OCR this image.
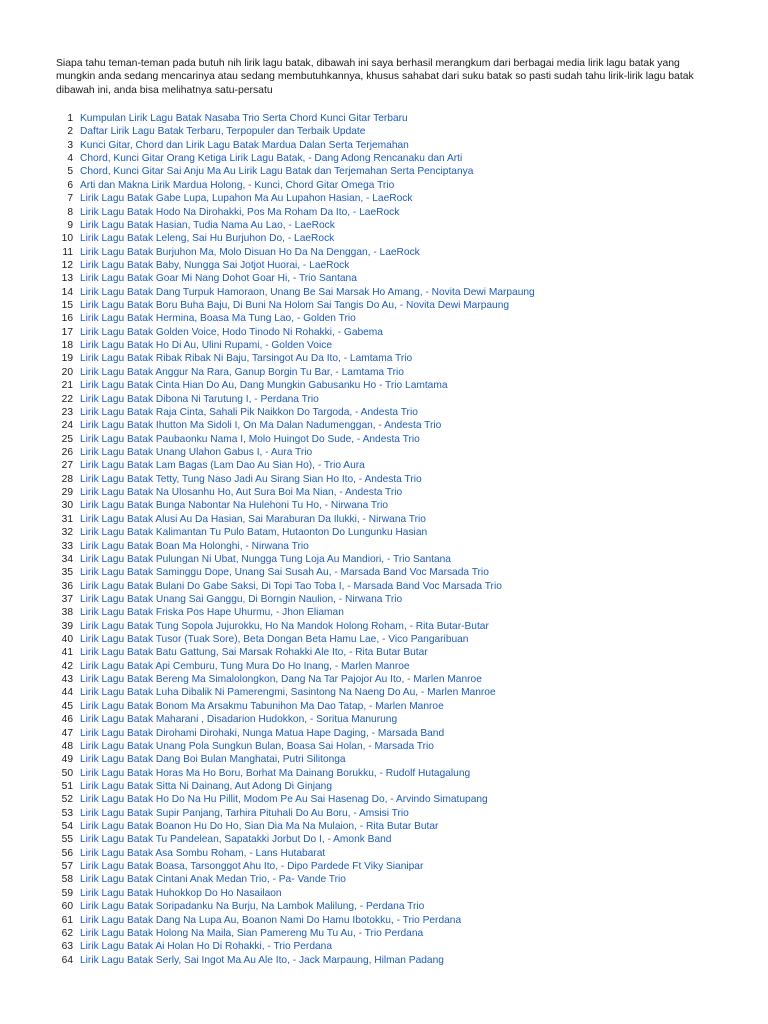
Siapa tahu teman-teman pada butuh nih lirik lagu batak, dibawah ini saya berhasil merangkum dari berbagai media lirik lagu batak yang mungkin anda sedang mencarinya atau sedang membutuhkannya, khusus sahabat dari suku batak so pasti sudah tahu lirik-lirik lagu batak dibawah ini, anda bisa melihatnya satu-persatu

1 Kumpulan Lirik Lagu Batak Nasaba Trio Serta Chord Kunci Gitar Terbaru
2 Daftar Lirik Lagu Batak Terbaru, Terpopuler dan Terbaik Update
3 Kunci Gitar, Chord dan Lirik Lagu Batak Mardua Dalan Serta Terjemahan
4 Chord, Kunci Gitar Orang Ketiga Lirik Lagu Batak, - Dang Adong Rencanaku dan Arti
5 Chord, Kunci Gitar Sai Anju Ma Au Lirik Lagu Batak dan Terjemahan Serta Penciptanya
6 Arti dan Makna Lirik Mardua Holong, - Kunci, Chord Gitar Omega Trio
7 Lirik Lagu Batak Gabe Lupa, Lupahon Ma Au Lupahon Hasian, - LaeRock
8 Lirik Lagu Batak Hodo Na Dirohakki, Pos Ma Roham Da Ito, - LaeRock
9 Lirik Lagu Batak Hasian, Tudia Nama Au Lao, - LaeRock
10 Lirik Lagu Batak Leleng, Sai Hu Burjuhon Do, - LaeRock
11 Lirik Lagu Batak Burjuhon Ma, Molo Disuan Ho Da Na Denggan, - LaeRock
12 Lirik Lagu Batak Baby, Nungga Sai Jotjot Huorai, - LaeRock
13 Lirik Lagu Batak Goar Mi Nang Dohot Goar Hi, - Trio Santana
14 Lirik Lagu Batak Dang Turpuk Hamoraon, Unang Be Sai Marsak Ho Amang, - Novita Dewi Marpaung
15 Lirik Lagu Batak Boru Buha Baju, Di Buni Na Holom Sai Tangis Do Au, - Novita Dewi Marpaung
16 Lirik Lagu Batak Hermina, Boasa Ma Tung Lao, - Golden Trio
17 Lirik Lagu Batak Golden Voice, Hodo Tinodo Ni Rohakki, - Gabema
18 Lirik Lagu Batak Ho Di Au, Ulini Rupami, - Golden Voice
19 Lirik Lagu Batak Ribak Ribak Ni Baju, Tarsingot Au Da Ito, - Lamtama Trio
20 Lirik Lagu Batak Anggur Na Rara, Ganup Borgin Tu Bar, - Lamtama Trio
21 Lirik Lagu Batak Cinta Hian Do Au, Dang Mungkin Gabusanku Ho - Trio Lamtama
22 Lirik Lagu Batak Dibona Ni Tarutung I, - Perdana Trio
23 Lirik Lagu Batak Raja Cinta, Sahali Pik Naikkon Do Targoda, - Andesta Trio
24 Lirik Lagu Batak Ihutton Ma Sidoli I, On Ma Dalan Nadumenggan, - Andesta Trio
25 Lirik Lagu Batak Paubaonku Nama I, Molo Huingot Do Sude, - Andesta Trio
26 Lirik Lagu Batak Unang Ulahon Gabus I, - Aura Trio
27 Lirik Lagu Batak Lam Bagas (Lam Dao Au Sian Ho), - Trio Aura
28 Lirik Lagu Batak Tetty, Tung Naso Jadi Au Sirang Sian Ho Ito, - Andesta Trio
29 Lirik Lagu Batak Na Ulosanhu Ho, Aut Sura Boi Ma Nian, - Andesta Trio
30 Lirik Lagu Batak Bunga Nabontar Na Hulehoni Tu Ho, - Nirwana Trio
31 Lirik Lagu Batak Alusi Au Da Hasian, Sai Maraburan Da Ilukki, - Nirwana Trio
32 Lirik Lagu Batak Kalimantan Tu Pulo Batam, Hutaonton Do Lungunku Hasian
33 Lirik Lagu Batak Boan Ma Holonghi, - Nirwana Trio
34 Lirik Lagu Batak Pulungan Ni Ubat, Nungga Tung Loja Au Mandiori, - Trio Santana
35 Lirik Lagu Batak Saminggu Dope, Unang Sai Susah Au, - Marsada Band Voc Marsada Trio
36 Lirik Lagu Batak Bulani Do Gabe Saksi, Di Topi Tao Toba I, - Marsada Band Voc Marsada Trio
37 Lirik Lagu Batak Unang Sai Ganggu, Di Borngin Naulion, - Nirwana Trio
38 Lirik Lagu Batak Friska Pos Hape Uhurmu, - Jhon Eliaman
39 Lirik Lagu Batak Tung Sopola Jujurokku, Ho Na Mandok Holong Roham, - Rita Butar-Butar
40 Lirik Lagu Batak Tusor (Tuak Sore), Beta Dongan Beta Hamu Lae, - Vico Pangaribuan
41 Lirik Lagu Batak Batu Gattung, Sai Marsak Rohakki Ale Ito, - Rita Butar Butar
42 Lirik Lagu Batak Api Cemburu, Tung Mura Do Ho Inang, - Marlen Manroe
43 Lirik Lagu Batak Bereng Ma Simalolongkon, Dang Na Tar Pajojor Au Ito, - Marlen Manroe
44 Lirik Lagu Batak Luha Dibalik Ni Pamerengmi, Sasintong Na Naeng Do Au, - Marlen Manroe
45 Lirik Lagu Batak Bonom Ma Arsakmu Tabunihon Ma Dao Tatap, - Marlen Manroe
46 Lirik Lagu Batak Maharani , Disadarion Hudokkon, - Soritua Manurung
47 Lirik Lagu Batak Dirohami Dirohaki, Nunga Matua Hape Daging, - Marsada Band
48 Lirik Lagu Batak Unang Pola Sungkun Bulan, Boasa Sai Holan, - Marsada Trio
49 Lirik Lagu Batak Dang Boi Bulan Manghatai, Putri Silitonga
50 Lirik Lagu Batak Horas Ma Ho Boru, Borhat Ma Dainang Borukku, - Rudolf Hutagalung
51 Lirik Lagu Batak Sitta Ni Dainang, Aut Adong Di Ginjang
52 Lirik Lagu Batak Ho Do Na Hu Pillit, Modom Pe Au Sai Hasenag Do, - Arvindo Simatupang
53 Lirik Lagu Batak Supir Panjang, Tarhira Pituhali Do Au Boru, - Amsisi Trio
54 Lirik Lagu Batak Boanon Hu Do Ho, Sian Dia Ma Na Mulaion, - Rita Butar Butar
55 Lirik Lagu Batak Tu Pandelean, Sapatakki Jorbut Do I, - Amonk Band
56 Lirik Lagu Batak Asa Sombu Roham, - Lans Hutabarat
57 Lirik Lagu Batak Boasa, Tarsonggot Ahu Ito, - Dipo Pardede Ft Viky Sianipar
58 Lirik Lagu Batak Cintani Anak Medan Trio, - Pa- Vande Trio
59 Lirik Lagu Batak Huhokkop Do Ho Nasailaon
60 Lirik Lagu Batak Soripadanku Na Burju, Na Lambok Malilung, - Perdana Trio
61 Lirik Lagu Batak Dang Na Lupa Au, Boanon Nami Do Hamu Ibotokku, - Trio Perdana
62 Lirik Lagu Batak Holong Na Maila, Sian Pamereng Mu Tu Au, - Trio Perdana
63 Lirik Lagu Batak Ai Holan Ho Di Rohakki, - Trio Perdana
64 Lirik Lagu Batak Serly, Sai Ingot Ma Au Ale Ito, - Jack Marpaung, Hilman Padang
